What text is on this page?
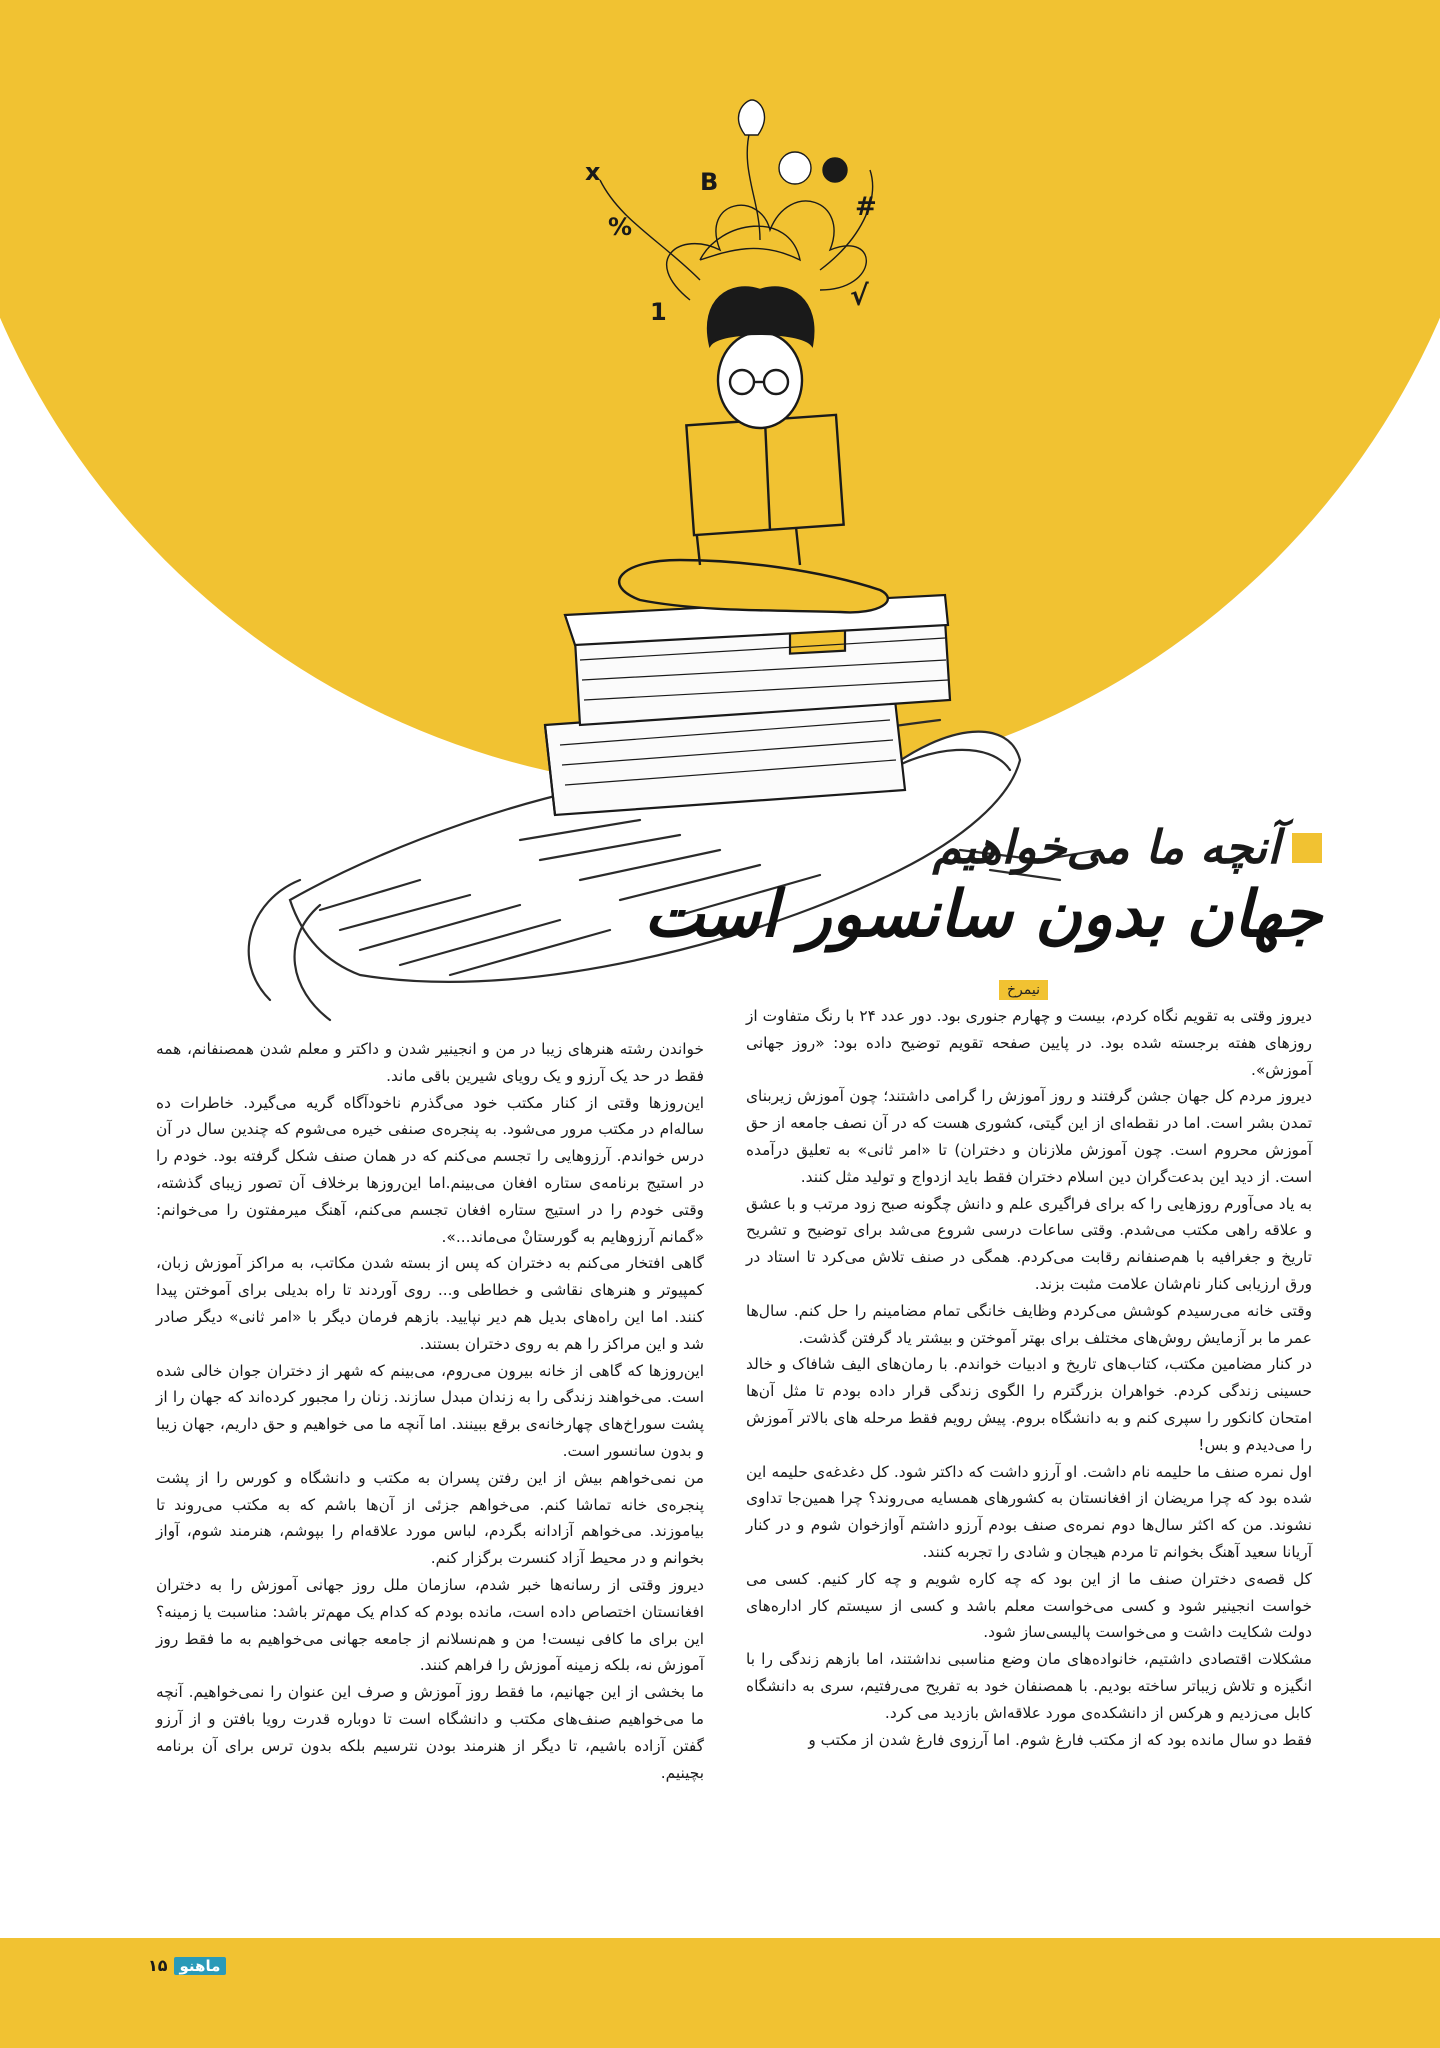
x	B
#
%
1	√
آنچه ما می‌خواهیم
جهان بدون سانسور است
نیمرخ

دیروز وقتی به تقویم نگاه کردم، بیست و چهارم جنوری بود. دور عدد ۲۴ با رنگ متفاوت از روزهای هفته برجسته شده بود. در پایین صفحه تقویم توضیح داده بود: «روز جهانی آموزش».

دیروز مردم کل جهان جشن گرفتند و روز آموزش را گرامی داشتند؛ چون آموزش زیربنای تمدن بشر است. اما در نقطه‌ای از این گیتی، کشوری هست که در آن نصف جامعه از حق آموزش محروم است. چون آموزش ملازنان و دختران) تا «امر ثانی» به تعلیق درآمده است. از دید این بدعت‌گران دین اسلام دختران فقط باید ازدواج و تولید مثل کنند.

به یاد می‌آورم روزهایی را که برای فراگیری علم و دانش چگونه صبح زود مرتب و با عشق و علاقه راهی مکتب می‌شدم. وقتی ساعات درسی شروع می‌شد برای توضیح و تشریح تاریخ و جغرافیه با هم‌صنفانم رقابت می‌کردم. همگی در صنف تلاش می‌کرد تا استاد در ورق ارزیابی کنار نام‌شان علامت مثبت بزند.

وقتی خانه می‌رسیدم کوشش می‌کردم وظایف خانگی تمام مضامینم را حل کنم. سال‌ها عمر ما بر آزمایش روش‌های مختلف برای بهتر آموختن و بیشتر یاد گرفتن گذشت.

در کنار مضامین مکتب، کتاب‌های تاریخ و ادبیات خواندم. با رمان‌های الیف شافاک و خالد حسینی زندگی کردم. خواهران بزرگترم را الگوی زندگی قرار داده بودم تا مثل آن‌ها امتحان کانکور را سپری کنم و به دانشگاه بروم. پیش رویم فقط مرحله های بالاتر آموزش را می‌دیدم و بس!

اول نمره صنف ما حلیمه نام داشت. او آرزو داشت که داکتر شود. کل دغدغه‌ی حلیمه این شده بود که چرا مریضان از افغانستان به کشورهای همسایه می‌روند؟ چرا همین‌جا تداوی نشوند. من که اکثر سال‌ها دوم نمره‌ی صنف بودم آرزو داشتم آوازخوان شوم و در کنار آریانا سعید آهنگ بخوانم تا مردم هیجان و شادی را تجربه کنند.

کل قصه‌ی دختران صنف ما از این بود که چه کاره شویم و چه کار کنیم. کسی می خواست انجینیر شود و کسی می‌خواست معلم باشد و کسی از سیستم کار اداره‌های دولت شکایت داشت و می‌خواست پالیسی‌ساز شود.

مشکلات اقتصادی داشتیم، خانواده‌های مان وضع مناسبی نداشتند، اما بازهم زندگی را با انگیزه و تلاش زیباتر ساخته بودیم. با همصنفان خود به تفریح می‌رفتیم، سری به دانشگاه کابل می‌زدیم و هرکس از دانشکده‌ی مورد علاقه‌اش بازدید می کرد.

فقط دو سال مانده بود که از مکتب فارغ شوم. اما آرزوی فارغ شدن از مکتب و

خواندن رشته هنرهای زیبا در من و انجینیر شدن و داکتر و معلم شدن همصنفانم، همه فقط در حد یک آرزو و یک رویای شیرین باقی ماند.

این‌روزها وقتی از کنار مکتب خود می‌گذرم ناخودآگاه گریه می‌گیرد. خاطرات ده ساله‌ام در مکتب مرور می‌شود. به پنجره‌ی صنفی خیره می‌شوم که چندین سال در آن درس خواندم. آرزوهایی را تجسم می‌کنم که در همان صنف شکل گرفته بود. خودم را در استیج برنامه‌ی ستاره افغان می‌بینم.اما این‌روزها برخلاف آن تصور زیبای گذشته، وقتی خودم را در استیج ستاره افغان تجسم می‌کنم، آهنگ میرمفتون را می‌خوانم: «گمانم آرزوهایم به گورستانْ می‌ماند...».

گاهی افتخار می‌کنم به دختران که پس از بسته شدن مکاتب، به مراکز آموزش زبان، کمپیوتر و هنرهای نقاشی و خطاطی و... روی آوردند تا راه بدیلی برای آموختن پیدا کنند. اما این راه‌های بدیل هم دیر نپایید. بازهم فرمان دیگر با «امر ثانی» دیگر صادر شد و این مراکز را هم به روی دختران بستند.

این‌روزها که گاهی از خانه بیرون می‌روم، می‌بینم که شهر از دختران جوان خالی شده است. می‌خواهند زندگی را به زندان مبدل سازند. زنان را مجبور کرده‌اند که جهان را از پشت سوراخ‌های چهارخانه‌ی برقع ببینند. اما آنچه ما می خواهیم و حق داریم، جهان زیبا و بدون سانسور است.

من نمی‌خواهم بیش از این رفتن پسران به مکتب و دانشگاه و کورس را از پشت پنجره‌ی خانه تماشا کنم. می‌خواهم جزئی از آن‌ها باشم که به مکتب می‌روند تا بیاموزند. می‌خواهم آزادانه بگردم، لباس مورد علاقه‌ام را بپوشم، هنرمند شوم، آواز بخوانم و در محیط آزاد کنسرت برگزار کنم.

دیروز وقتی از رسانه‌ها خبر شدم، سازمان ملل روز جهانی آموزش را به دختران افغانستان اختصاص داده است، مانده بودم که کدام یک مهم‌تر باشد: مناسبت یا زمینه؟ این برای ما کافی نیست! من و هم‌نسلانم از جامعه جهانی می‌خواهیم به ما فقط روز آموزش نه، بلکه زمینه آموزش را فراهم کنند.

ما بخشی از این جهانیم، ما فقط روز آموزش و صرف این عنوان را نمی‌خواهیم. آنچه ما می‌خواهیم صنف‌های مکتب و دانشگاه است تا دوباره قدرت رویا بافتن و از آرزو گفتن آزاده باشیم، تا دیگر از هنرمند بودن نترسیم بلکه بدون ترس برای آن برنامه بچینیم.

۱۵ ماهنو
